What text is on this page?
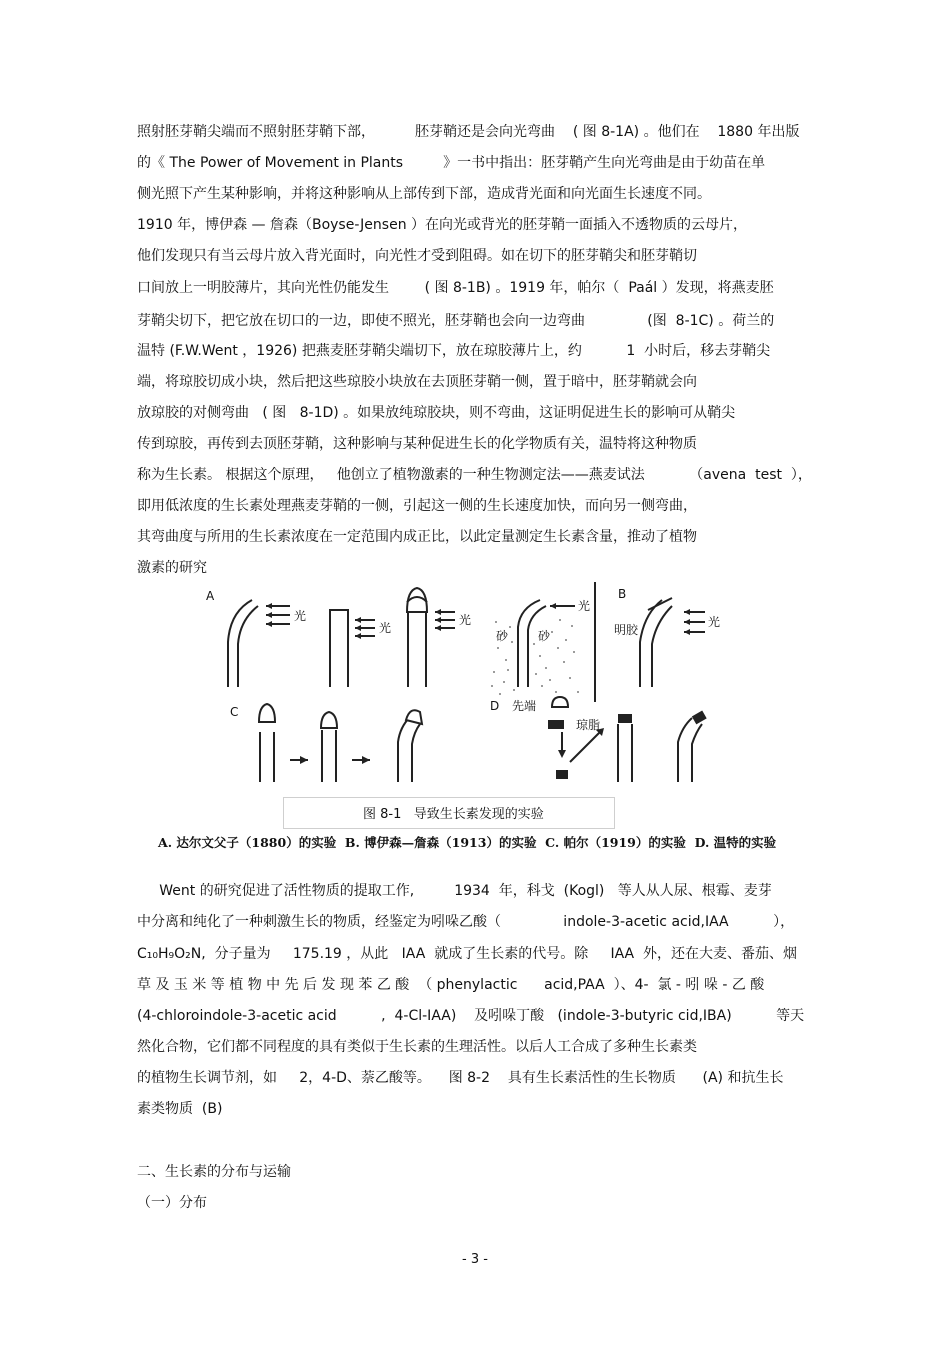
照射胚芽鞘尖端而不照射胚芽鞘下部，         胚芽鞘还是会向光弯曲    ( 图 8-1A) 。他们在    1880 年出版
的《 The Power of Movement in Plants         》一书中指出：胚芽鞘产生向光弯曲是由于幼苗在单
侧光照下产生某种影响，并将这种影响从上部传到下部，造成背光面和向光面生长速度不同。
1910 年，博伊森 — 詹森（Boyse-Jensen ）在向光或背光的胚芽鞘一面插入不透物质的云母片，
他们发现只有当云母片放入背光面时，向光性才受到阻碍。如在切下的胚芽鞘尖和胚芽鞘切
口间放上一明胶薄片，其向光性仍能发生        ( 图 8-1B) 。1919 年，帕尔（  Paál ）发现，将燕麦胚
芽鞘尖切下，把它放在切口的一边，即使不照光，胚芽鞘也会向一边弯曲              (图  8-1C) 。荷兰的
温特 (F.W.Went ，1926) 把燕麦胚芽鞘尖端切下，放在琼胶薄片上，约          1  小时后，移去芽鞘尖
端，将琼胶切成小块，然后把这些琼胶小块放在去顶胚芽鞘一侧，置于暗中，胚芽鞘就会向
放琼胶的对侧弯曲   ( 图   8-1D) 。如果放纯琼胶块，则不弯曲，这证明促进生长的影响可从鞘尖
传到琼胶，再传到去顶胚芽鞘，这种影响与某种促进生长的化学物质有关，温特将这种物质
称为生长素。 根据这个原理，   他创立了植物激素的一种生物测定法——燕麦试法          （avena  test  ），
即用低浓度的生长素处理燕麦芽鞘的一侧，引起这一侧的生长速度加快，而向另一侧弯曲，
其弯曲度与所用的生长素浓度在一定范围内成正比，以此定量测定生长素含量，推动了植物
激素的研究
A	B
C	D
光
光
光
光
光
砂 砂	明胶
先端
琼脂
图 8-1   导致生长素发现的实验
A. 达尔文父子（1880）的实验  B. 博伊森—詹森（1913）的实验  C. 帕尔（1919）的实验  D. 温特的实验
Went 的研究促进了活性物质的提取工作,         1934  年，科戈  (Kogl)   等人从人尿、根霉、麦芽
中分离和纯化了一种刺激生长的物质，经鉴定为吲哚乙酸（              indole-3-acetic acid,IAA          ），
C₁₀H₉O₂N,  分子量为     175.19 ，从此   IAA  就成了生长素的代号。除     IAA  外，还在大麦、番茄、烟
草 及 玉 米 等 植 物 中 先 后 发 现 苯 乙 酸  （ phenylactic      acid,PAA  ）、4-  氯 - 吲 哚 - 乙 酸
(4-chloroindole-3-acetic acid          ,  4-Cl-IAA)    及吲哚丁酸   (indole-3-butyric cid,IBA)          等天
然化合物，它们都不同程度的具有类似于生长素的生理活性。以后人工合成了多种生长素类
的植物生长调节剂，如     2，4-D、萘乙酸等。    图 8-2    具有生长素活性的生长物质      (A) 和抗生长
素类物质  (B)
二、生长素的分布与运输
（一）分布
- 3 -
